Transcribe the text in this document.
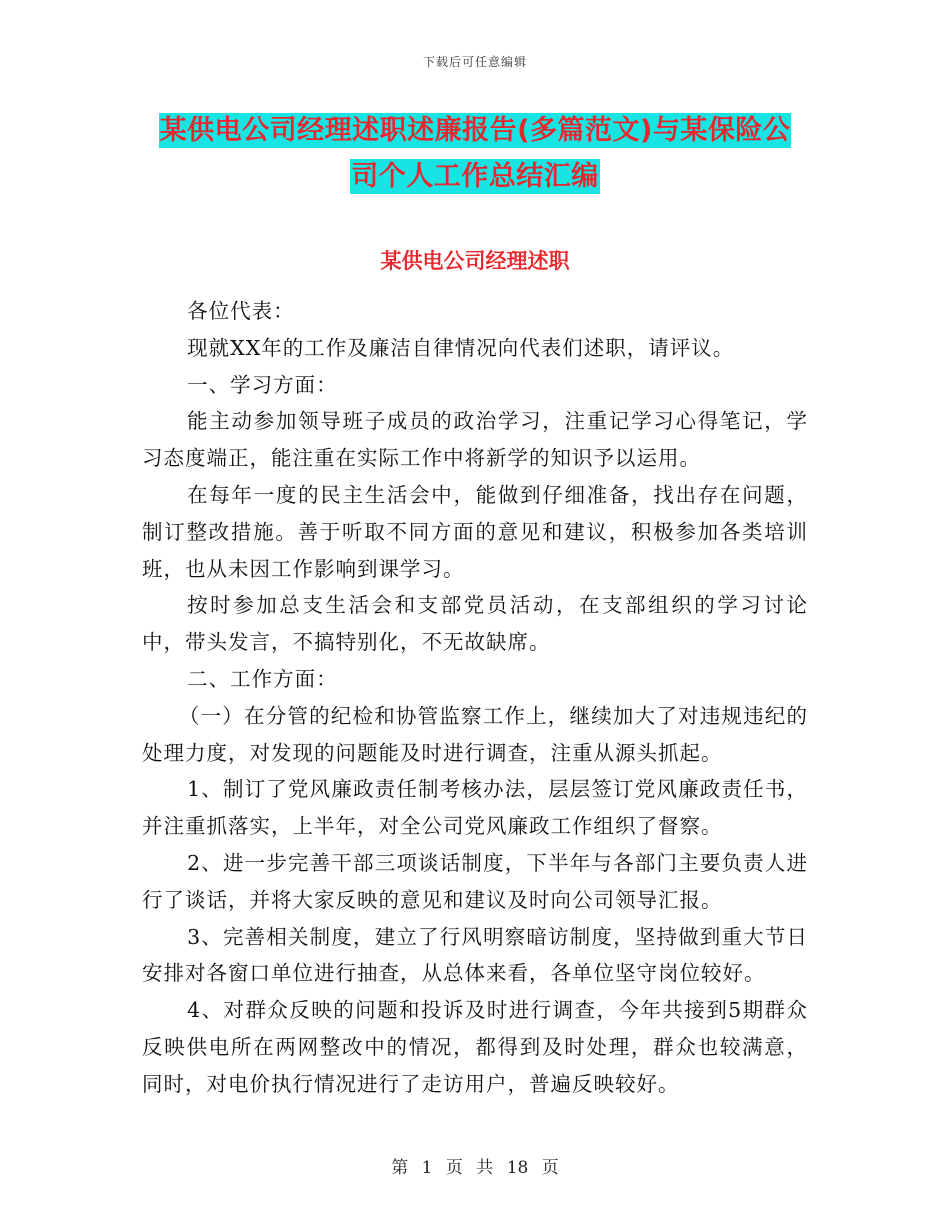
下载后可任意编辑
某供电公司经理述职述廉报告(多篇范文)与某保险公
司个人工作总结汇编
某供电公司经理述职

各位代表：

现就XX年的工作及廉洁自律情况向代表们述职，请评议。

一、学习方面：

能主动参加领导班子成员的政治学习，注重记学习心得笔记，学习态度端正，能注重在实际工作中将新学的知识予以运用。

在每年一度的民主生活会中，能做到仔细准备，找出存在问题，制订整改措施。善于听取不同方面的意见和建议，积极参加各类培训班，也从未因工作影响到课学习。

按时参加总支生活会和支部党员活动，在支部组织的学习讨论中，带头发言，不搞特别化，不无故缺席。

二、工作方面：

（一）在分管的纪检和协管监察工作上，继续加大了对违规违纪的处理力度，对发现的问题能及时进行调查，注重从源头抓起。

1、制订了党风廉政责任制考核办法，层层签订党风廉政责任书，并注重抓落实，上半年，对全公司党风廉政工作组织了督察。

2、进一步完善干部三项谈话制度，下半年与各部门主要负责人进行了谈话，并将大家反映的意见和建议及时向公司领导汇报。

3、完善相关制度，建立了行风明察暗访制度，坚持做到重大节日安排对各窗口单位进行抽查，从总体来看，各单位坚守岗位较好。

4、对群众反映的问题和投诉及时进行调查，今年共接到5期群众反映供电所在两网整改中的情况，都得到及时处理，群众也较满意，同时，对电价执行情况进行了走访用户，普遍反映较好。

第 1 页 共 18 页
